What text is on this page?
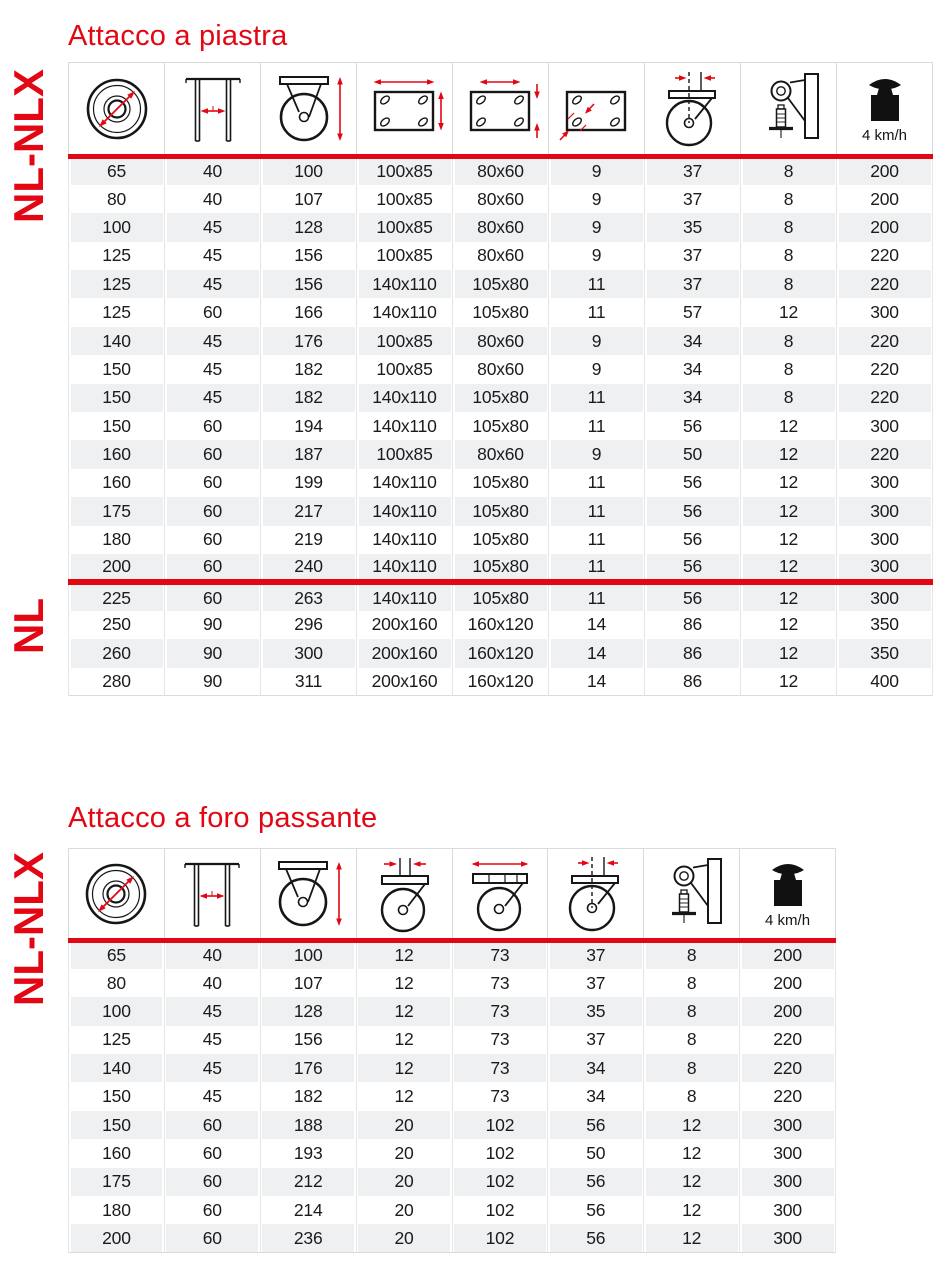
Attacco a piastra
NL-NLX
NL

4 km/h

65	40	100	100x85	80x60	9	37	8	200
80	40	107	100x85	80x60	9	37	8	200
100	45	128	100x85	80x60	9	35	8	200
125	45	156	100x85	80x60	9	37	8	220
125	45	156	140x110	105x80	11	37	8	220
125	60	166	140x110	105x80	11	57	12	300
140	45	176	100x85	80x60	9	34	8	220
150	45	182	100x85	80x60	9	34	8	220
150	45	182	140x110	105x80	11	34	8	220
150	60	194	140x110	105x80	11	56	12	300
160	60	187	100x85	80x60	9	50	12	220
160	60	199	140x110	105x80	11	56	12	300
175	60	217	140x110	105x80	11	56	12	300
180	60	219	140x110	105x80	11	56	12	300
200	60	240	140x110	105x80	11	56	12	300
225	60	263	140x110	105x80	11	56	12	300
250	90	296	200x160	160x120	14	86	12	350
260	90	300	200x160	160x120	14	86	12	350
280	90	311	200x160	160x120	14	86	12	400
Attacco a foro passante
NL-NLX

		4 km/h

65	40	100	12	73	37	8	200
80	40	107	12	73	37	8	200
100	45	128	12	73	35	8	200
125	45	156	12	73	37	8	220
140	45	176	12	73	34	8	220
150	45	182	12	73	34	8	220
150	60	188	20	102	56	12	300
160	60	193	20	102	50	12	300
175	60	212	20	102	56	12	300
180	60	214	20	102	56	12	300
200	60	236	20	102	56	12	300
